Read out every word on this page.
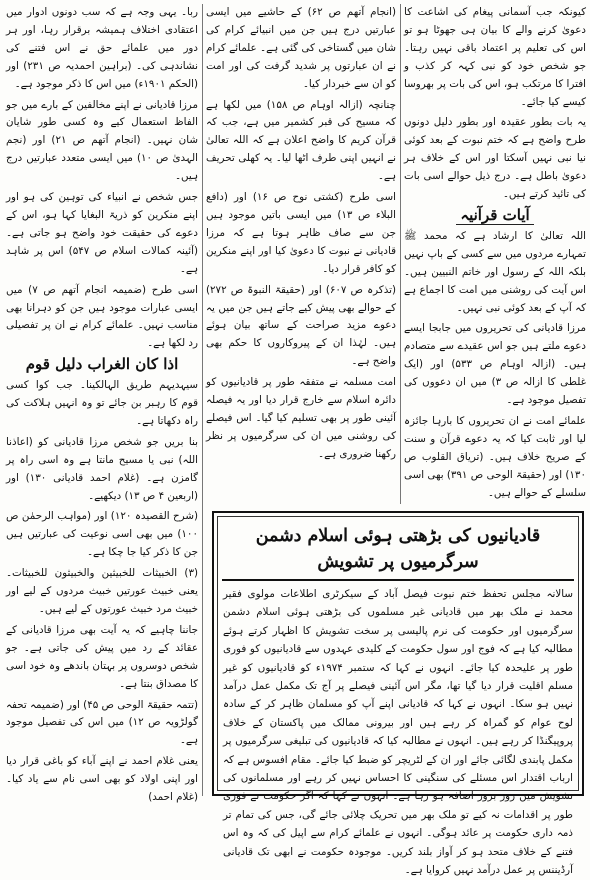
کیونکہ جب آسمانی پیغام کی اشاعت کا دعویٰ کرنے والے کا بیان ہی جھوٹا ہو تو اس کی تعلیم پر اعتماد باقی نہیں رہتا۔ جو شخص خود کو نبی کہہ کر کذب و افترا کا مرتکب ہو، اس کی بات پر بھروسا کیسے کیا جائے۔

یہ بات بطور عقیدہ اور بطور دلیل دونوں طرح واضح ہے کہ ختم نبوت کے بعد کوئی نیا نبی نہیں آسکتا اور اس کے خلاف ہر دعویٰ باطل ہے۔ درج ذیل حوالے اسی بات کی تائید کرتے ہیں۔

آیات قرآنیہ

اللہ تعالیٰ کا ارشاد ہے کہ محمد ﷺ تمہارے مردوں میں سے کسی کے باپ نہیں بلکہ اللہ کے رسول اور خاتم النبیین ہیں۔ اس آیت کی روشنی میں امت کا اجماع ہے کہ آپ کے بعد کوئی نبی نہیں۔

مرزا قادیانی کی تحریروں میں جابجا ایسے دعوے ملتے ہیں جو اس عقیدے سے متصادم ہیں۔ (ازالہ اوہام ص ۵۳۳) اور (ایک غلطی کا ازالہ ص ۳) میں ان دعووں کی تفصیل موجود ہے۔

علمائے امت نے ان تحریروں کا بارہا جائزہ لیا اور ثابت کیا کہ یہ دعوے قرآن و سنت کے صریح خلاف ہیں۔ (تریاق القلوب ص ۱۳۰) اور (حقیقۃ الوحی ص ۳۹۱) بھی اسی سلسلے کے حوالے ہیں۔

(انجام آتھم ص ۶۲) کے حاشیے میں ایسی عبارتیں درج ہیں جن میں انبیائے کرام کی شان میں گستاخی کی گئی ہے۔ علمائے کرام نے ان عبارتوں پر شدید گرفت کی اور امت کو ان سے خبردار کیا۔

چنانچہ (ازالہ اوہام ص ۱۵۸) میں لکھا ہے کہ مسیح کی قبر کشمیر میں ہے، جب کہ قرآن کریم کا واضح اعلان ہے کہ اللہ تعالیٰ نے انہیں اپنی طرف اٹھا لیا۔ یہ کھلی تحریف ہے۔

اسی طرح (کشتی نوح ص ۱۶) اور (دافع البلاء ص ۱۳) میں ایسی باتیں موجود ہیں جن سے صاف ظاہر ہوتا ہے کہ مرزا قادیانی نے نبوت کا دعویٰ کیا اور اپنے منکرین کو کافر قرار دیا۔

(تذکرہ ص ۶۰۷) اور (حقیقۃ النبوۃ ص ۲۷۲) کے حوالے بھی پیش کیے جاتے ہیں جن میں یہ دعوے مزید صراحت کے ساتھ بیان ہوئے ہیں۔ لہٰذا ان کے پیروکاروں کا حکم بھی واضح ہے۔

امت مسلمہ نے متفقہ طور پر قادیانیوں کو دائرہ اسلام سے خارج قرار دیا اور یہ فیصلہ آئینی طور پر بھی تسلیم کیا گیا۔ اس فیصلے کی روشنی میں ان کی سرگرمیوں پر نظر رکھنا ضروری ہے۔

ربا۔ یہی وجہ ہے کہ سب دونوں ادوار میں اعتقادی اختلاف ہمیشہ برقرار رہا، اور ہر دور میں علمائے حق نے اس فتنے کی نشاندہی کی۔ (براہین احمدیہ ص ۲۳۱) اور (الحکم ۱۹۰۱ء) میں اس کا ذکر موجود ہے۔

مرزا قادیانی نے اپنے مخالفین کے بارے میں جو الفاظ استعمال کیے وہ کسی طور شایان شان نہیں۔ (انجام آتھم ص ۲۱) اور (نجم الہدیٰ ص ۱۰) میں ایسی متعدد عبارتیں درج ہیں۔

جس شخص نے انبیاء کی توہین کی ہو اور اپنے منکرین کو ذریۃ البغایا کہا ہو، اس کے دعوے کی حقیقت خود واضح ہو جاتی ہے۔ (آئینہ کمالات اسلام ص ۵۴۷) اس پر شاہد ہے۔

اسی طرح (ضمیمہ انجام آتھم ص ۷) میں ایسی عبارات موجود ہیں جن کو دہرانا بھی مناسب نہیں۔ علمائے کرام نے ان پر تفصیلی رد لکھا ہے۔

اذا کان الغراب دلیل قوم

سیہدیہم طریق الہالکینا۔ جب کوا کسی قوم کا رہبر بن جائے تو وہ انہیں ہلاکت کی راہ دکھاتا ہے۔

بنا بریں جو شخص مرزا قادیانی کو (اعاذنا اللہ) نبی یا مسیح مانتا ہے وہ اسی راہ پر گامزن ہے۔ (غلام احمد قادیانی ۱۳۰) اور (اربعین ۴ ص ۱۳) دیکھیے۔

(شرح القصیدہ ۱۲۰) اور (مواہب الرحمٰن ص ۱۰۰) میں بھی اسی نوعیت کی عبارتیں ہیں جن کا ذکر کیا جا چکا ہے۔

(۳) الخبیثات للخبیثین والخبیثون للخبیثات۔ یعنی خبیث عورتیں خبیث مردوں کے لیے اور خبیث مرد خبیث عورتوں کے لیے ہیں۔

جاننا چاہیے کہ یہ آیت بھی مرزا قادیانی کے عقائد کے رد میں پیش کی جاتی ہے۔ جو شخص دوسروں پر بہتان باندھے وہ خود اسی کا مصداق بنتا ہے۔

(تتمہ حقیقۃ الوحی ص ۴۵) اور (ضمیمہ تحفہ گولڑویہ ص ۱۲) میں اس کی تفصیل موجود ہے۔

یعنی غلام احمد نے اپنے آباء کو باغی قرار دیا اور اپنی اولاد کو بھی اسی نام سے یاد کیا۔ (غلام احمد)

قادیانیوں کی بڑھتی ہوئی اسلام دشمن سرگرمیوں پر تشویش
سالانہ مجلس تحفظ ختم نبوت فیصل آباد کے سیکرٹری اطلاعات مولوی فقیر محمد نے ملک بھر میں قادیانی غیر مسلموں کی بڑھتی ہوئی اسلام دشمن سرگرمیوں اور حکومت کی نرم پالیسی پر سخت تشویش کا اظہار کرتے ہوئے مطالبہ کیا ہے کہ فوج اور سول حکومت کے کلیدی عہدوں سے قادیانیوں کو فوری طور پر علیحدہ کیا جائے۔ انہوں نے کہا کہ ستمبر ۱۹۷۴ء کو قادیانیوں کو غیر مسلم اقلیت قرار دیا گیا تھا، مگر اس آئینی فیصلے پر آج تک مکمل عمل درآمد نہیں ہو سکا۔ انہوں نے کہا کہ قادیانی اپنے آپ کو مسلمان ظاہر کر کے سادہ لوح عوام کو گمراہ کر رہے ہیں اور بیرونی ممالک میں پاکستان کے خلاف پروپیگنڈا کر رہے ہیں۔ انہوں نے مطالبہ کیا کہ قادیانیوں کی تبلیغی سرگرمیوں پر مکمل پابندی لگائی جائے اور ان کے لٹریچر کو ضبط کیا جائے۔ مقام افسوس ہے کہ ارباب اقتدار اس مسئلے کی سنگینی کا احساس نہیں کر رہے اور مسلمانوں کی تشویش میں روز بروز اضافہ ہو رہا ہے۔ انہوں نے کہا کہ اگر حکومت نے فوری طور پر اقدامات نہ کیے تو ملک بھر میں تحریک چلائی جائے گی، جس کی تمام تر ذمہ داری حکومت پر عائد ہوگی۔ انہوں نے علمائے کرام سے اپیل کی کہ وہ اس فتنے کے خلاف متحد ہو کر آواز بلند کریں۔ موجودہ حکومت نے ابھی تک قادیانی آرڈیننس پر عمل درآمد نہیں کروایا ہے۔
